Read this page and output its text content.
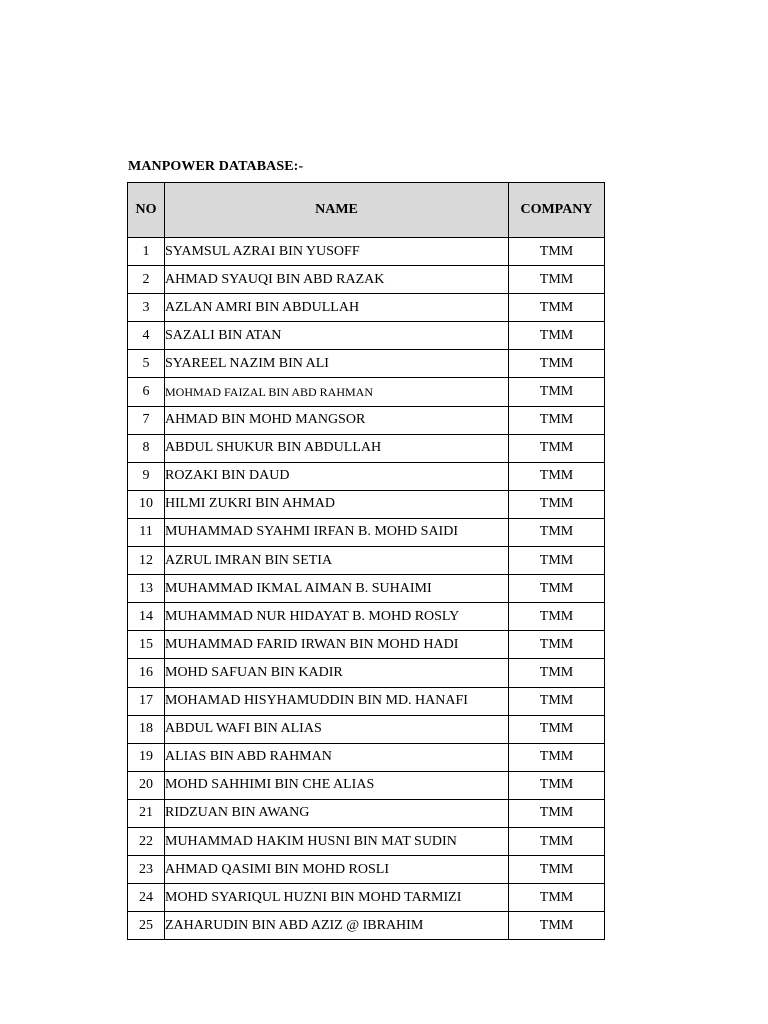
MANPOWER DATABASE:-
NO	NAME	COMPANY
1	SYAMSUL AZRAI BIN YUSOFF	TMM
2	AHMAD SYAUQI BIN ABD RAZAK	TMM
3	AZLAN AMRI BIN ABDULLAH	TMM
4	SAZALI BIN ATAN	TMM
5	SYAREEL NAZIM BIN ALI	TMM
6	MOHMAD FAIZAL BIN ABD RAHMAN	TMM
7	AHMAD BIN MOHD MANGSOR	TMM
8	ABDUL SHUKUR BIN ABDULLAH	TMM
9	ROZAKI BIN DAUD	TMM
10	HILMI ZUKRI BIN AHMAD	TMM
11	MUHAMMAD SYAHMI IRFAN B. MOHD SAIDI	TMM
12	AZRUL IMRAN BIN SETIA	TMM
13	MUHAMMAD IKMAL AIMAN B. SUHAIMI	TMM
14	MUHAMMAD NUR HIDAYAT B. MOHD ROSLY	TMM
15	MUHAMMAD FARID IRWAN BIN MOHD HADI	TMM
16	MOHD SAFUAN BIN KADIR	TMM
17	MOHAMAD HISYHAMUDDIN BIN MD. HANAFI	TMM
18	ABDUL WAFI BIN ALIAS	TMM
19	ALIAS BIN ABD RAHMAN	TMM
20	MOHD SAHHIMI BIN CHE ALIAS	TMM
21	RIDZUAN BIN AWANG	TMM
22	MUHAMMAD HAKIM HUSNI BIN MAT SUDIN	TMM
23	AHMAD QASIMI BIN MOHD ROSLI	TMM
24	MOHD SYARIQUL HUZNI BIN MOHD TARMIZI	TMM
25	ZAHARUDIN BIN ABD AZIZ @ IBRAHIM	TMM
